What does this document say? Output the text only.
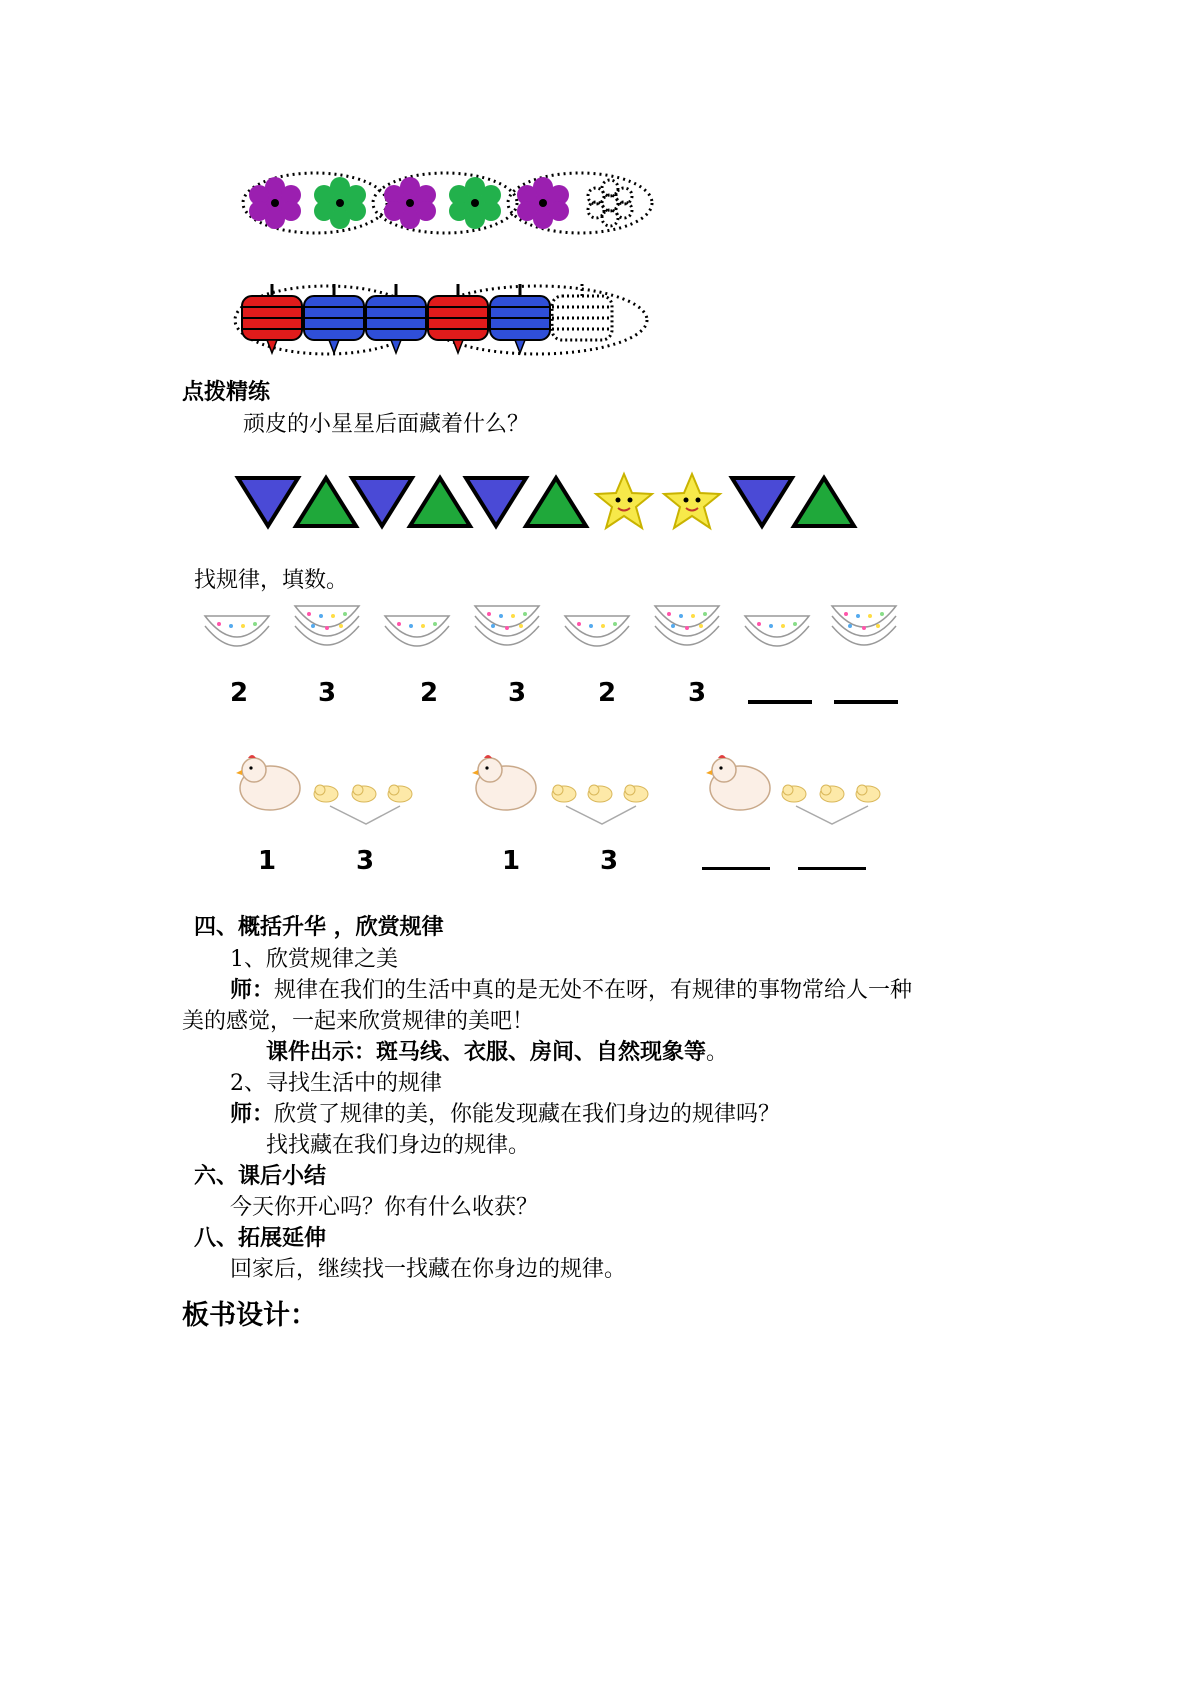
点拨精练
顽皮的小星星后面藏着什么？
找规律，填数。
2	3	2	3	2	3
1	3	1	3
四、概括升华 ，欣赏规律
1、欣赏规律之美
师：规律在我们的生活中真的是无处不在呀，有规律的事物常给人一种
美的感觉，一起来欣赏规律的美吧！
课件出示：斑马线、衣服、房间、自然现象等。
2、寻找生活中的规律
师：欣赏了规律的美，你能发现藏在我们身边的规律吗？
找找藏在我们身边的规律。
六、课后小结
今天你开心吗？你有什么收获？
八、拓展延伸
回家后，继续找一找藏在你身边的规律。
板书设计：
